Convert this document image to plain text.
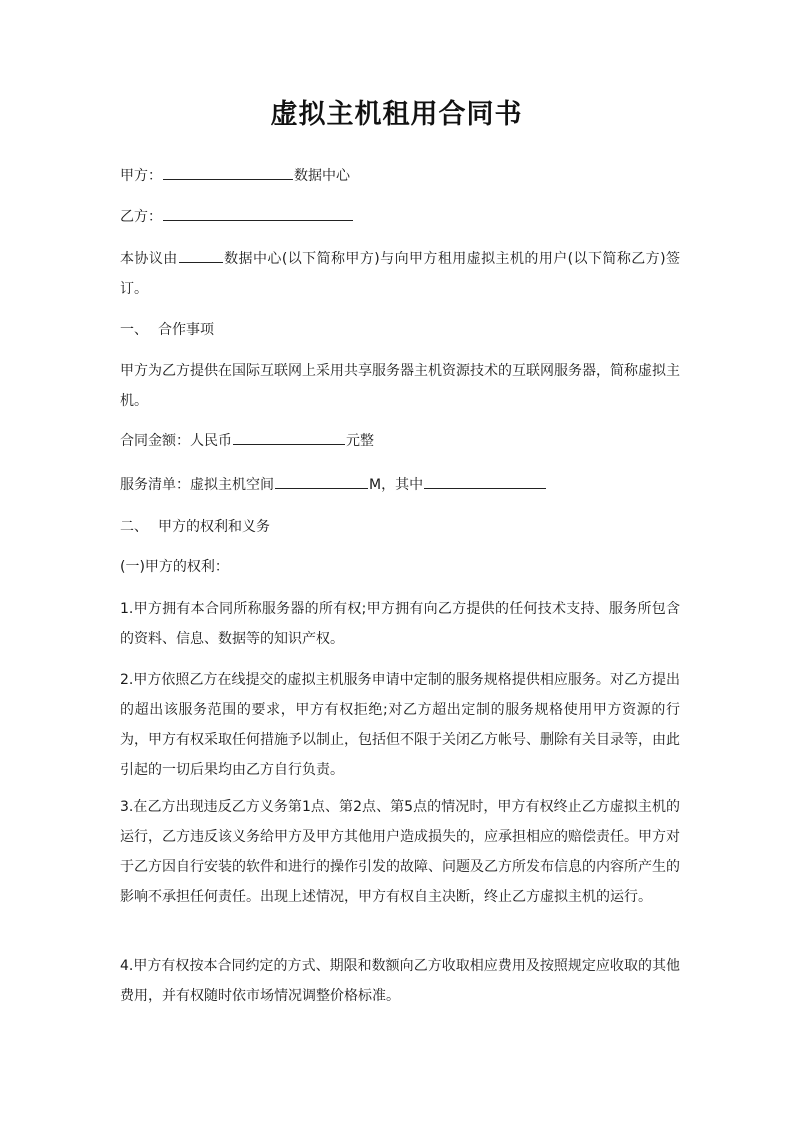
虚拟主机租用合同书
甲方：	数据中心
乙方：
本协议由	数据中心(以下简称甲方)与向甲方租用虚拟主机的用户(以下简称乙方)签订。
一、 合作事项
甲方为乙方提供在国际互联网上采用共享服务器主机资源技术的互联网服务器，简称虚拟主机。
合同金额：人民币	元整
服务清单：虚拟主机空间	M，其中
二、 甲方的权利和义务
(一)甲方的权利：
1.甲方拥有本合同所称服务器的所有权;甲方拥有向乙方提供的任何技术支持、服务所包含的资料、信息、数据等的知识产权。
2.甲方依照乙方在线提交的虚拟主机服务申请中定制的服务规格提供相应服务。对乙方提出的超出该服务范围的要求，甲方有权拒绝;对乙方超出定制的服务规格使用甲方资源的行为，甲方有权采取任何措施予以制止，包括但不限于关闭乙方帐号、删除有关目录等，由此引起的一切后果均由乙方自行负责。
3.在乙方出现违反乙方义务第1点、第2点、第5点的情况时，甲方有权终止乙方虚拟主机的运行，乙方违反该义务给甲方及甲方其他用户造成损失的，应承担相应的赔偿责任。甲方对于乙方因自行安装的软件和进行的操作引发的故障、问题及乙方所发布信息的内容所产生的影响不承担任何责任。出现上述情况，甲方有权自主决断，终止乙方虚拟主机的运行。
4.甲方有权按本合同约定的方式、期限和数额向乙方收取相应费用及按照规定应收取的其他费用，并有权随时依市场情况调整价格标准。
